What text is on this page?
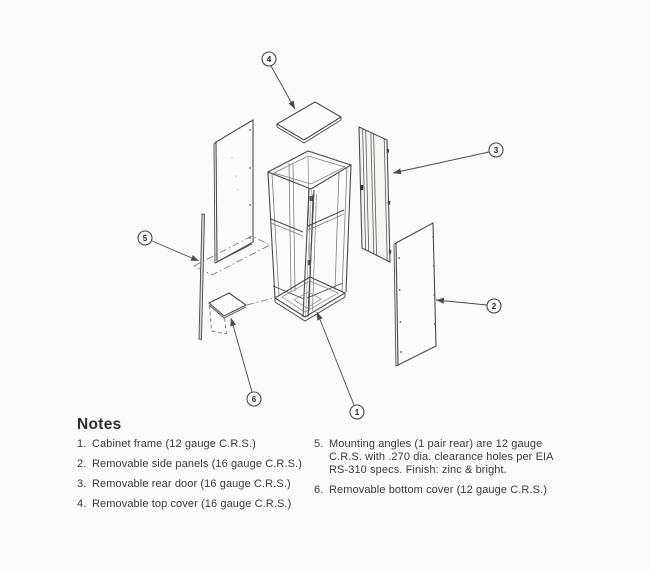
1
2
3
4
5
6
Notes
1. Cabinet frame (12 gauge C.R.S.)
2. Removable side panels (16 gauge C.R.S.)
3. Removable rear door (16 gauge C.R.S.)
4. Removable top cover (16 gauge C.R.S.)
5. Mounting angles (1 pair rear) are 12 gauge
C.R.S. with .270 dia. clearance holes per EIA
RS-310 specs. Finish: zinc & bright.
6. Removable bottom cover (12 gauge C.R.S.)
